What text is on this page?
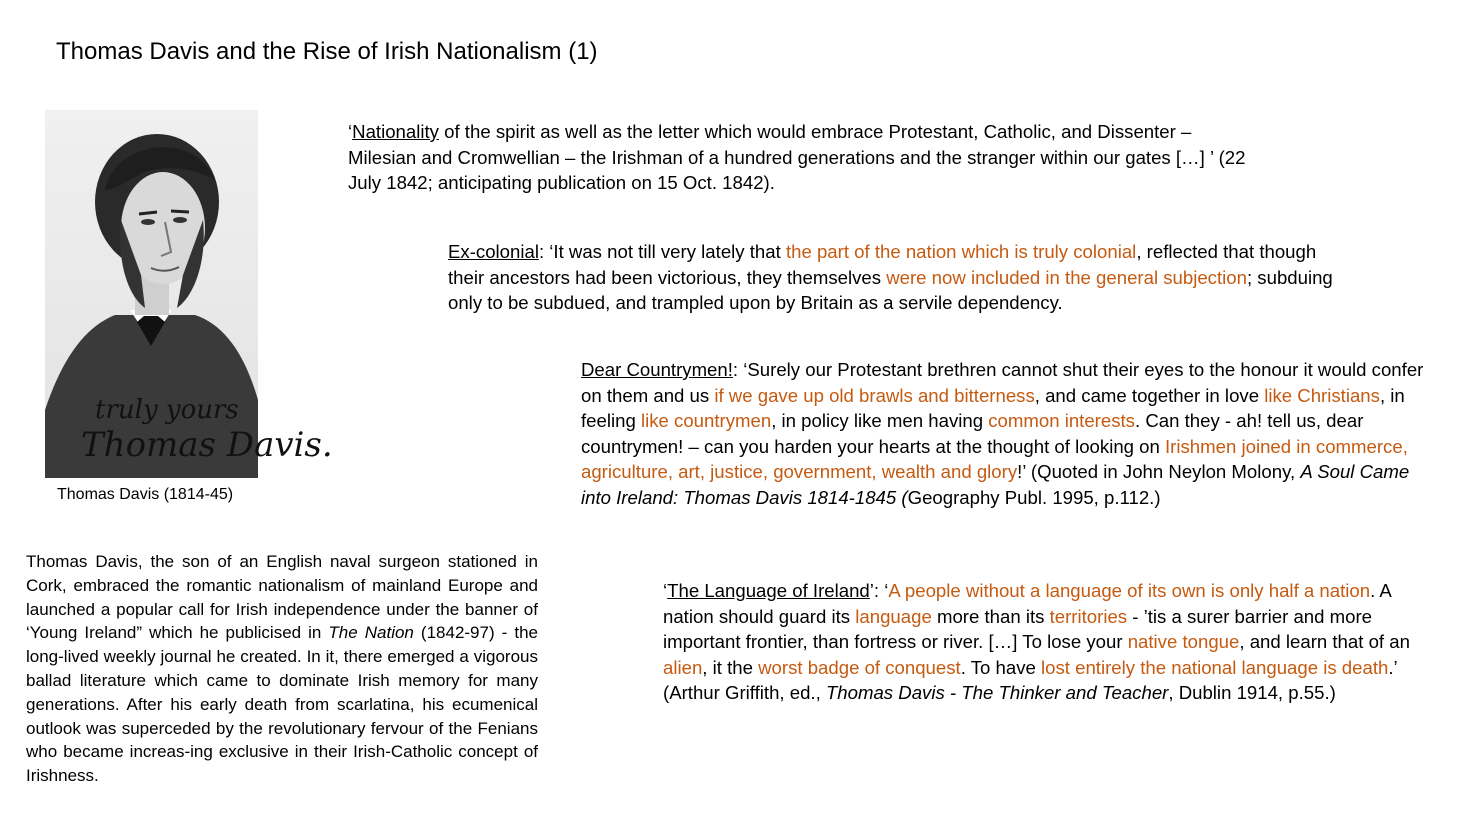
Thomas Davis and the Rise of Irish Nationalism (1)
truly yours
Thomas Davis.
Thomas Davis (1814-45)
Thomas Davis, the son of an English naval surgeon stationed in Cork, embraced the romantic nationalism of mainland Europe and launched a popular call for Irish independence under the banner of ‘Young Ireland” which he publicised in The Nation (1842-97) - the long-lived weekly journal he created. In it, there emerged a vigorous ballad literature which came to dominate Irish memory for many generations. After his early death from scarlatina, his ecumenical outlook was superceded by the revolutionary fervour of the Fenians who became increas-ing exclusive in their Irish-Catholic concept of Irishness.
‘Nationality of the spirit as well as the letter which would embrace Protestant, Catholic, and Dissenter – Milesian and Cromwellian – the Irishman of a hundred generations and the stranger within our gates […] ’ (22 July 1842; anticipating publication on 15 Oct. 1842).
Ex-colonial: ‘It was not till very lately that the part of the nation which is truly colonial, reflected that though their ancestors had been victorious, they themselves were now included in the general subjection; subduing only to be subdued, and trampled upon by Britain as a servile dependency.
Dear Countrymen!: ‘Surely our Protestant brethren cannot shut their eyes to the honour it would confer on them and us if we gave up old brawls and bitterness, and came together in love like Christians, in feeling like countrymen, in policy like men having common interests. Can they - ah! tell us, dear countrymen! – can you harden your hearts at the thought of looking on Irishmen joined in commerce, agriculture, art, justice, government, wealth and glory!’ (Quoted in John Neylon Molony, A Soul Came into Ireland: Thomas Davis 1814-1845 (Geography Publ. 1995, p.112.)
‘The Language of Ireland’: ‘A people without a language of its own is only half a nation. A nation should guard its language more than its territories - ’tis a surer barrier and more important frontier, than fortress or river. […] To lose your native tongue, and learn that of an alien, it the worst badge of conquest. To have lost entirely the national language is death.’ (Arthur Griffith, ed., Thomas Davis - The Thinker and Teacher, Dublin 1914, p.55.)
